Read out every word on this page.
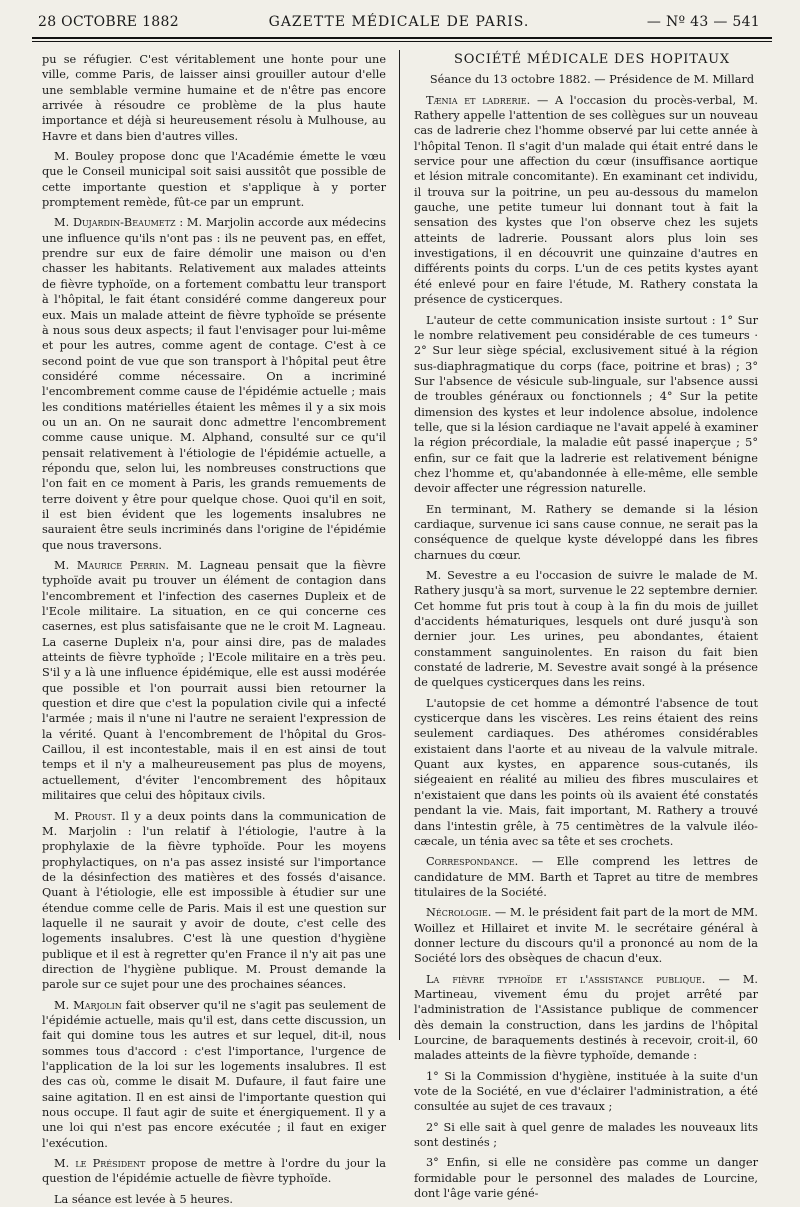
28 OCTOBRE 1882	GAZETTE MÉDICALE DE PARIS.	— Nº 43 — 541

pu se réfugier. C'est véritablement une honte pour une ville, comme Paris, de laisser ainsi grouiller autour d'elle une semblable vermine humaine et de n'être pas encore arrivée à résoudre ce problème de la plus haute importance et déjà si heureusement résolu à Mulhouse, au Havre et dans bien d'autres villes.

M. Bouley propose donc que l'Académie émette le vœu que le Conseil municipal soit saisi aussitôt que possible de cette importante question et s'applique à y porter promptement remède, fût-ce par un emprunt.

M. Dujardin-Beaumetz : M. Marjolin accorde aux médecins une influence qu'ils n'ont pas : ils ne peuvent pas, en effet, prendre sur eux de faire démolir une maison ou d'en chasser les habitants. Relativement aux malades atteints de fièvre typhoïde, on a fortement combattu leur transport à l'hôpital, le fait étant considéré comme dangereux pour eux. Mais un malade atteint de fièvre typhoïde se présente à nous sous deux aspects; il faut l'envisager pour lui-même et pour les autres, comme agent de contage. C'est à ce second point de vue que son transport à l'hôpital peut être considéré comme nécessaire. On a incriminé l'encombrement comme cause de l'épidémie actuelle ; mais les conditions matérielles étaient les mêmes il y a six mois ou un an. On ne saurait donc admettre l'encombrement comme cause unique. M. Alphand, consulté sur ce qu'il pensait relativement à l'étiologie de l'épidémie actuelle, a répondu que, selon lui, les nombreuses constructions que l'on fait en ce moment à Paris, les grands remuements de terre doivent y être pour quelque chose. Quoi qu'il en soit, il est bien évident que les logements insalubres ne sauraient être seuls incriminés dans l'origine de l'épidémie que nous traversons.

M. Maurice Perrin. M. Lagneau pensait que la fièvre typhoïde avait pu trouver un élément de contagion dans l'encombrement et l'infection des casernes Dupleix et de l'Ecole militaire. La situation, en ce qui concerne ces casernes, est plus satisfaisante que ne le croit M. Lagneau. La caserne Dupleix n'a, pour ainsi dire, pas de malades atteints de fièvre typhoïde ; l'Ecole militaire en a très peu. S'il y a là une influence épidémique, elle est aussi modérée que possible et l'on pourrait aussi bien retourner la question et dire que c'est la population civile qui a infecté l'armée ; mais il n'une ni l'autre ne seraient l'expression de la vérité. Quant à l'encombrement de l'hôpital du Gros-Caillou, il est incontestable, mais il en est ainsi de tout temps et il n'y a malheureusement pas plus de moyens, actuellement, d'éviter l'encombrement des hôpitaux militaires que celui des hôpitaux civils.

M. Proust. Il y a deux points dans la communication de M. Marjolin : l'un relatif à l'étiologie, l'autre à la prophylaxie de la fièvre typhoïde. Pour les moyens prophylactiques, on n'a pas assez insisté sur l'importance de la désinfection des matières et des fossés d'aisance. Quant à l'étiologie, elle est impossible à étudier sur une étendue comme celle de Paris. Mais il est une question sur laquelle il ne saurait y avoir de doute, c'est celle des logements insalubres. C'est là une question d'hygiène publique et il est à regretter qu'en France il n'y ait pas une direction de l'hygiène publique. M. Proust demande la parole sur ce sujet pour une des prochaines séances.

M. Marjolin fait observer qu'il ne s'agit pas seulement de l'épidémie actuelle, mais qu'il est, dans cette discussion, un fait qui domine tous les autres et sur lequel, dit-il, nous sommes tous d'accord : c'est l'importance, l'urgence de l'application de la loi sur les logements insalubres. Il est des cas où, comme le disait M. Dufaure, il faut faire une saine agitation. Il en est ainsi de l'importante question qui nous occupe. Il faut agir de suite et énergiquement. Il y a une loi qui n'est pas encore exécutée ; il faut en exiger l'exécution.

M. le Président propose de mettre à l'ordre du jour la question de l'épidémie actuelle de fièvre typhoïde.

La séance est levée à 5 heures.

SOCIÉTÉ MÉDICALE DES HOPITAUX

Séance du 13 octobre 1882. — Présidence de M. Millard

Tænia et ladrerie. — A l'occasion du procès-verbal, M. Rathery appelle l'attention de ses collègues sur un nouveau cas de ladrerie chez l'homme observé par lui cette année à l'hôpital Tenon. Il s'agit d'un malade qui était entré dans le service pour une affection du cœur (insuffisance aortique et lésion mitrale concomitante). En examinant cet individu, il trouva sur la poitrine, un peu au-dessous du mamelon gauche, une petite tumeur lui donnant tout à fait la sensation des kystes que l'on observe chez les sujets atteints de ladrerie. Poussant alors plus loin ses investigations, il en découvrit une quinzaine d'autres en différents points du corps. L'un de ces petits kystes ayant été enlevé pour en faire l'étude, M. Rathery constata la présence de cysticerques.

L'auteur de cette communication insiste surtout : 1° Sur le nombre relativement peu considérable de ces tumeurs · 2° Sur leur siège spécial, exclusivement situé à la région sus-diaphragmatique du corps (face, poitrine et bras) ; 3° Sur l'absence de vésicule sub-linguale, sur l'absence aussi de troubles généraux ou fonctionnels ; 4° Sur la petite dimension des kystes et leur indolence absolue, indolence telle, que si la lésion cardiaque ne l'avait appelé à examiner la région précordiale, la maladie eût passé inaperçue ; 5° enfin, sur ce fait que la ladrerie est relativement bénigne chez l'homme et, qu'abandonnée à elle-même, elle semble devoir affecter une régression naturelle.

En terminant, M. Rathery se demande si la lésion cardiaque, survenue ici sans cause connue, ne serait pas la conséquence de quelque kyste développé dans les fibres charnues du cœur.

M. Sevestre a eu l'occasion de suivre le malade de M. Rathery jusqu'à sa mort, survenue le 22 septembre dernier. Cet homme fut pris tout à coup à la fin du mois de juillet d'accidents hématuriques, lesquels ont duré jusqu'à son dernier jour. Les urines, peu abondantes, étaient constamment sanguinolentes. En raison du fait bien constaté de ladrerie, M. Sevestre avait songé à la présence de quelques cysticerques dans les reins.

L'autopsie de cet homme a démontré l'absence de tout cysticerque dans les viscères. Les reins étaient des reins seulement cardiaques. Des athéromes considérables existaient dans l'aorte et au niveau de la valvule mitrale. Quant aux kystes, en apparence sous-cutanés, ils siégeaient en réalité au milieu des fibres musculaires et n'existaient que dans les points où ils avaient été constatés pendant la vie. Mais, fait important, M. Rathery a trouvé dans l'intestin grêle, à 75 centimètres de la valvule iléo-cæcale, un ténia avec sa tête et ses crochets.

Correspondance. — Elle comprend les lettres de candidature de MM. Barth et Tapret au titre de membres titulaires de la Société.

Nécrologie. — M. le président fait part de la mort de MM. Woillez et Hillairet et invite M. le secrétaire général à donner lecture du discours qu'il a prononcé au nom de la Société lors des obsèques de chacun d'eux.

La fièvre typhoïde et l'assistance publique. — M. Martineau, vivement ému du projet arrêté par l'administration de l'Assistance publique de commencer dès demain la construction, dans les jardins de l'hôpital Lourcine, de baraquements destinés à recevoir, croit-il, 60 malades atteints de la fièvre typhoïde, demande :

1° Si la Commission d'hygiène, instituée à la suite d'un vote de la Société, en vue d'éclairer l'administration, a été consultée au sujet de ces travaux ;

2° Si elle sait à quel genre de malades les nouveaux lits sont destinés ;

3° Enfin, si elle ne considère pas comme un danger formidable pour le personnel des malades de Lourcine, dont l'âge varie géné-
